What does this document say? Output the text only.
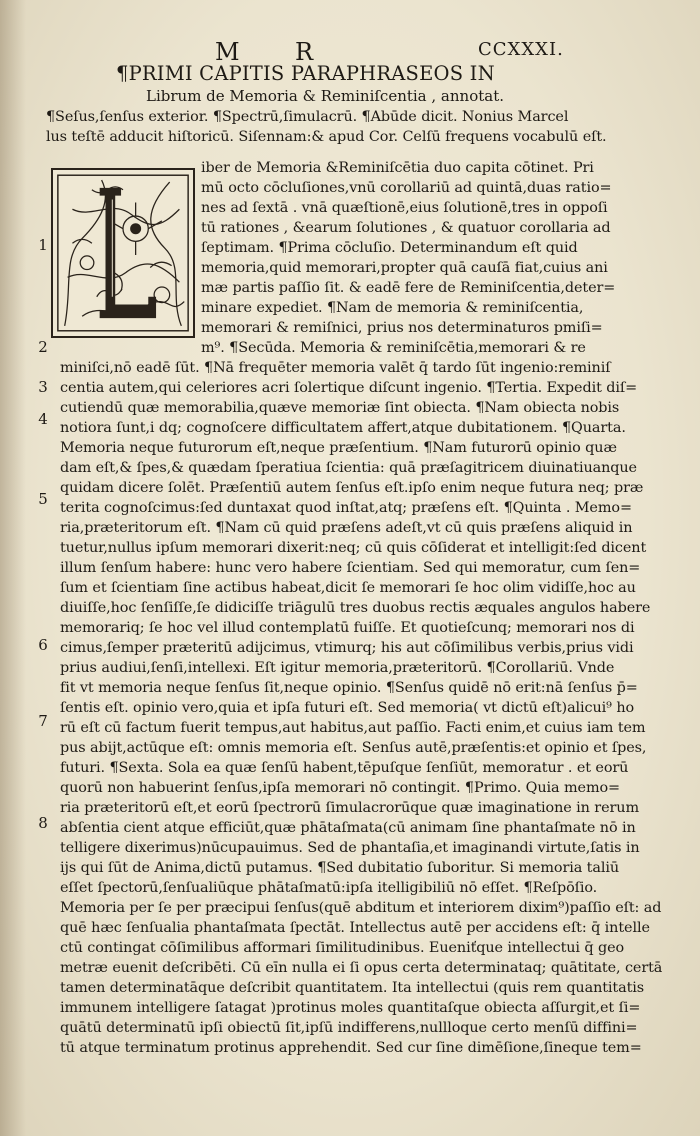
M R	CCXXXI.
¶PRIMI CAPITIS PARAPHRASEOS IN
Librum de Memoria & Reminiſcentia , annotat.
¶Seſus,ſenſus exterior. ¶Spectrū,ſimulacrū. ¶Abūde dicit. Nonius Marcel
lus teſtē adducit hiſtoricū. Siſennam:& apud Cor. Celſū frequens vocabulū eſt.
iber de Memoria &Reminiſcētia duo capita cōtinet. Pri
mū octo cōcluſiones,vnū corollariū ad quintā,duas ratio=
nes ad ſextā . vnā quæſtionē,eius ſolutionē,tres in oppoſi
tū rationes , &earum ſolutiones , & quatuor corollaria ad
ſeptimam. ¶Prima cōcluſio. Determinandum eſt quid
memoria,quid memorari,propter quā cauſā fiat,cuius ani
mæ partis paſſio ſit. & eadē fere de Reminiſcentia,deter=
minare expediet. ¶Nam de memoria & reminiſcentia,
memorari & remiſnici, prius nos determinaturos pmiſi=
m⁹. ¶Secūda. Memoria & reminiſcētia,memorari & re
miniſci,nō eadē ſūt. ¶Nā frequēter memoria valēt q̄ tardo ſūt ingenio:reminiſ
centia autem,qui celeriores acri ſolertique diſcunt ingenio. ¶Tertia. Expedit diſ=
cutiendū quæ memorabilia,quæve memoriæ ſint obiecta. ¶Nam obiecta nobis
notiora ſunt,i dq; cognoſcere difficultatem affert,atque dubitationem. ¶Quarta.
Memoria neque futurorum eſt,neque præſentium. ¶Nam futurorū opinio quæ
dam eſt,& ſpes,& quædam ſperatiua ſcientia: quā præſagitricem diuinatiuanque
quidam dicere ſolēt. Præſentiū autem ſenſus eſt.ipſo enim neque futura neq; præ
terita cognoſcimus:ſed duntaxat quod inſtat,atq; præſens eſt. ¶Quinta . Memo=
ria,præteritorum eſt. ¶Nam cū quid præſens adeſt,vt cū quis præſens aliquid in
tuetur,nullus ipſum memorari dixerit:neq; cū quis cōſiderat et intelligit:ſed dicent
illum ſenſum habere: hunc vero habere ſcientiam. Sed qui memoratur, cum ſen=
ſum et ſcientiam ſine actibus habeat,dicit ſe memorari ſe hoc olim vidiſſe,hoc au
diuiſſe,hoc ſenſiſſe,ſe didiciſſe triāgulū tres duobus rectis æquales angulos habere
memorariq; ſe hoc vel illud contemplatū fuiſſe. Et quotieſcunq; memorari nos di
cimus,ſemper præteritū adijcimus, vtimurq; his aut cōſimilibus verbis,prius vidi
prius audiui,ſenſi,intellexi. Eſt igitur memoria,præteritorū. ¶Corollariū. Vnde
fit vt memoria neque ſenſus ſit,neque opinio. ¶Senſus quidē nō erit:nā ſenſus p̄=
ſentis eſt. opinio vero,quia et ipſa futuri eſt. Sed memoria( vt dictū eſt)alicui⁹ ho
rū eſt cū factum fuerit tempus,aut habitus,aut paſſio. Facti enim,et cuius iam tem
pus abijt,actūque eſt: omnis memoria eſt. Senſus autē,præſentis:et opinio et ſpes,
futuri. ¶Sexta. Sola ea quæ ſenſū habent,tēpuſque ſenſiūt, memoratur . et eorū
quorū non habuerint ſenſus,ipſa memorari nō contingit. ¶Primo. Quia memo=
ria præteritorū eſt,et eorū ſpectrorū ſimulacrorūque quæ imaginatione in rerum
abſentia cient atque efficiūt,quæ phātaſmata(cū animam ſine phantaſmate nō in
telligere dixerimus)nūcupauimus. Sed de phantaſia,et imaginandi virtute,ſatis in
ijs qui ſūt de Anima,dictū putamus. ¶Sed dubitatio ſuboritur. Si memoria taliū
eſſet ſpectorū,ſenſualiūque phātaſmatū:ipſa itelligibiliū nō eſſet. ¶Reſpōſio.
Memoria per ſe per præcipui ſenſus(quē abditum et interiorem dixim⁹)paſſio eſt: ad
quē hæc ſenſualia phantaſmata ſpectāt. Intellectus autē per accidens eſt: q̄ intelle
ctū contingat cōſimilibus afformari ſimilitudinibus. Eueniťque intellectui q̄ geo
metræ euenit deſcribēti. Cū eīn nulla ei ſi opus certa determinataq; quātitate, certā
tamen determinatāque deſcribit quantitatem. Ita intellectui (quis rem quantitatis
immunem intelligere ſatagat )protinus moles quantitaſque obiecta aſſurgit,et ſi=
quātū determinatū ipſi obiectū ſit,ipſū indifferens,nullloque certo menſū diffini=
tū atque terminatum protinus apprehendit. Sed cur ſine dimēſione,ſineque tem=
1
2
3
4
5
6
7
8
